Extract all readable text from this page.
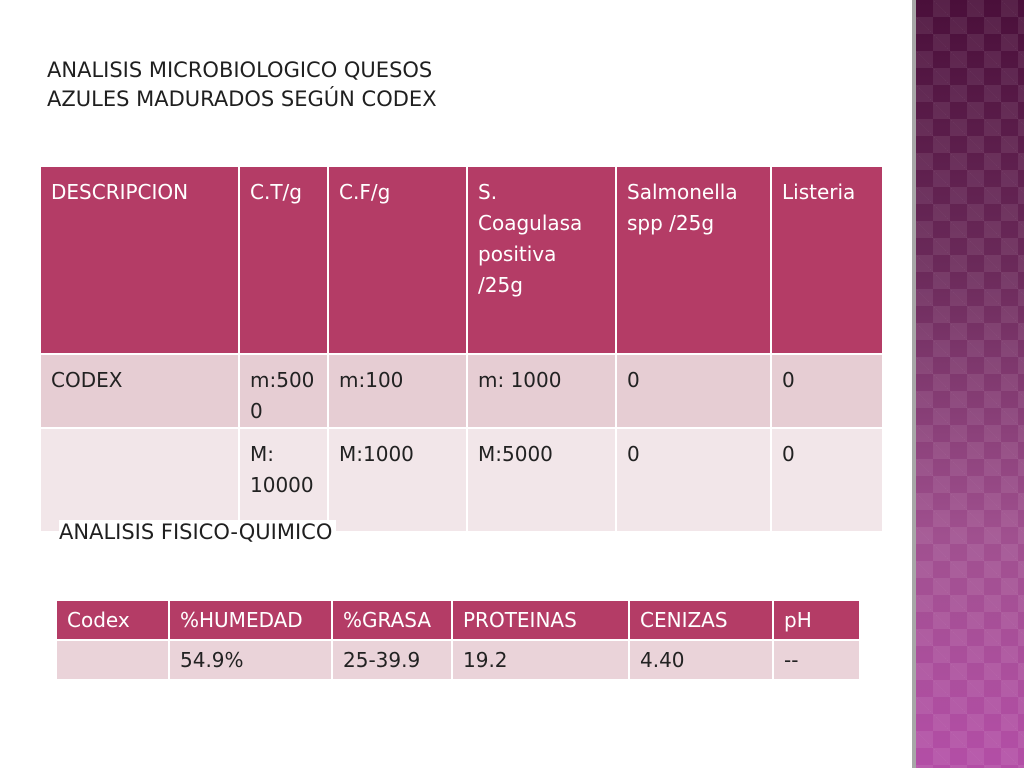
ANALISIS MICROBIOLOGICO QUESOS
AZULES MADURADOS SEGÚN CODEX
DESCRIPCION	C.T/g	C.F/g	S. Coagulasa positiva /25g	Salmonella spp /25g	Listeria
CODEX	m:5000	m:100	m: 1000	0	0
	M: 10000	M:1000	M:5000	0	0
ANALISIS FISICO-QUIMICO
Codex	%HUMEDAD	%GRASA	PROTEINAS	CENIZAS	pH
	54.9%	25-39.9	19.2	4.40	--
